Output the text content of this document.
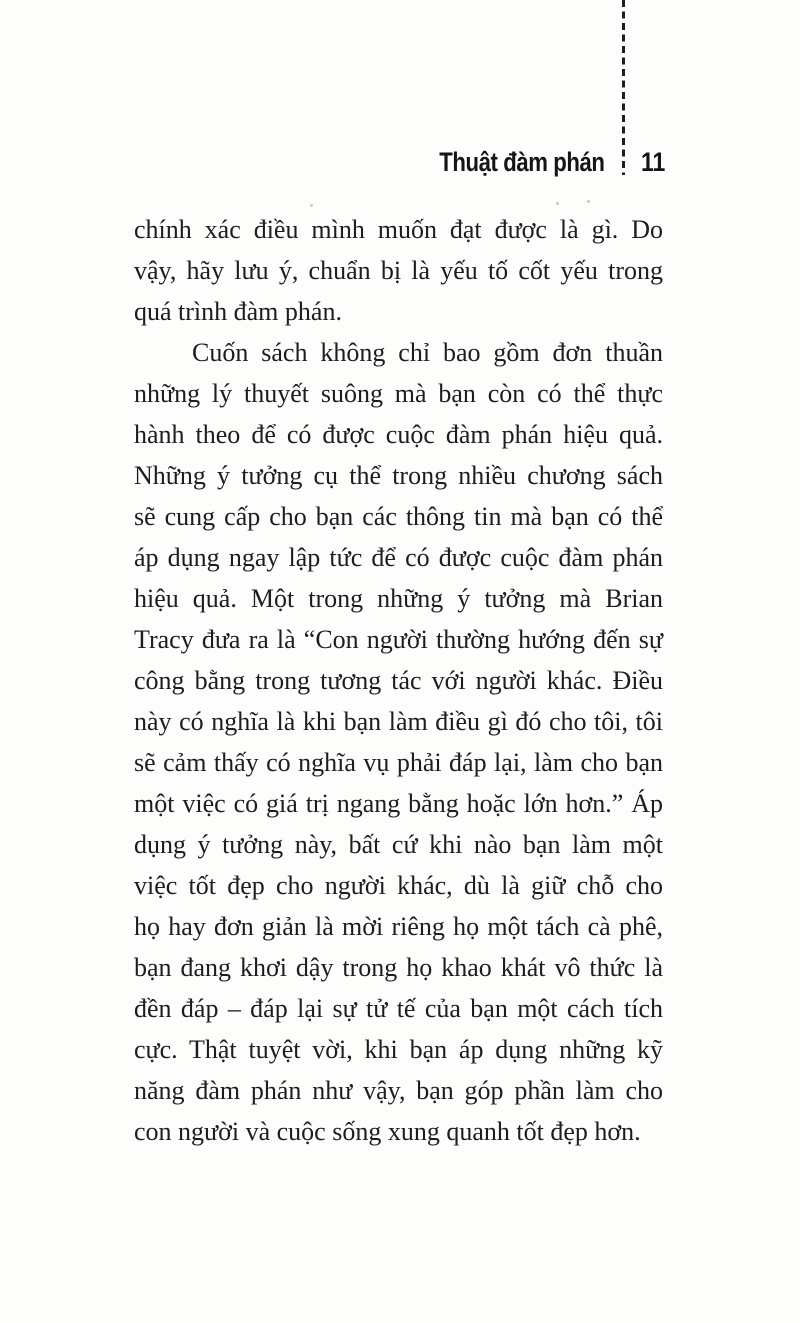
Thuật đàm phán 11
chính xác điều mình muốn đạt được là gì. Do
vậy, hãy lưu ý, chuẩn bị là yếu tố cốt yếu trong
quá trình đàm phán.
Cuốn sách không chỉ bao gồm đơn thuần
những lý thuyết suông mà bạn còn có thể thực
hành theo để có được cuộc đàm phán hiệu quả.
Những ý tưởng cụ thể trong nhiều chương sách
sẽ cung cấp cho bạn các thông tin mà bạn có thể
áp dụng ngay lập tức để có được cuộc đàm phán
hiệu quả. Một trong những ý tưởng mà Brian
Tracy đưa ra là “Con người thường hướng đến sự
công bằng trong tương tác với người khác. Điều
này có nghĩa là khi bạn làm điều gì đó cho tôi, tôi
sẽ cảm thấy có nghĩa vụ phải đáp lại, làm cho bạn
một việc có giá trị ngang bằng hoặc lớn hơn.” Áp
dụng ý tưởng này, bất cứ khi nào bạn làm một
việc tốt đẹp cho người khác, dù là giữ chỗ cho
họ hay đơn giản là mời riêng họ một tách cà phê,
bạn đang khơi dậy trong họ khao khát vô thức là
đền đáp – đáp lại sự tử tế của bạn một cách tích
cực. Thật tuyệt vời, khi bạn áp dụng những kỹ
năng đàm phán như vậy, bạn góp phần làm cho
con người và cuộc sống xung quanh tốt đẹp hơn.
